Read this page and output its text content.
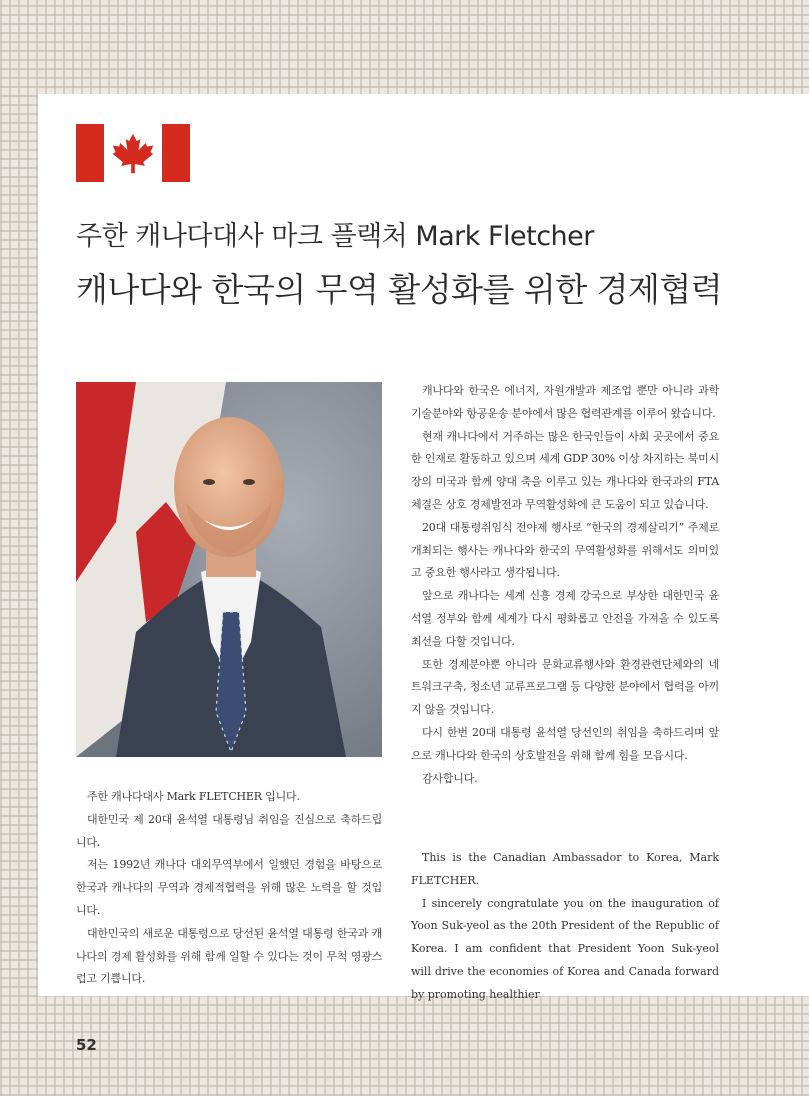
주한 캐나다대사 마크 플랙처 Mark Fletcher
캐나다와 한국의 무역 활성화를 위한 경제협력

주한 캐나다대사 Mark FLETCHER 입니다.

대한민국 제 20대 윤석열 대통령님 취임을 진심으로 축하드립니다.

저는 1992년 캐나다 대외무역부에서 일했던 경험을 바탕으로 한국과 캐나다의 무역과 경제적협력을 위해 많은 노력을 할 것입니다.

대한민국의 새로운 대통령으로 당선된 윤석열 대통령 한국과 캐나다의 경제 활성화를 위해 함께 일할 수 있다는 것이 무척 영광스럽고 기쁩니다.

캐나다와 한국은 에너지, 자원개발과 제조업 뿐만 아니라 과학기술분야와 항공운송 분야에서 많은 협력관계를 이루어 왔습니다.

현재 캐나다에서 거주하는 많은 한국인들이 사회 곳곳에서 중요한 인재로 활동하고 있으며 세계 GDP 30% 이상 차지하는 북미시장의 미국과 함께 양대 축을 이루고 있는 캐나다와 한국과의 FTA 체결은 상호 경제발전과 무역활성화에 큰 도움이 되고 있습니다.

20대 대통령취임식 전야제 행사로 “한국의 경제살리기” 주제로 개최되는 행사는 캐나다와 한국의 무역활성화를 위해서도 의미있고 중요한 행사라고 생각됩니다.

앞으로 캐나다는 세계 신흥 경제 강국으로 부상한 대한민국 윤석열 정부와 함께 세계가 다시 평화롭고 안전을 가져올 수 있도록 최선을 다할 것입니다.

또한 경제분야뿐 아니라 문화교류행사와 환경관련단체와의 네트워크구축, 청소년 교류프로그램 등 다양한 분야에서 협력을 아끼지 않을 것입니다.

다시 한번 20대 대통령 윤석열 당선인의 취임을 축하드리며 앞으로 캐나다와 한국의 상호발전을 위해 함께 힘을 모읍시다.

감사합니다.

This is the Canadian Ambassador to Korea, Mark FLETCHER.

I sincerely congratulate you on the inauguration of Yoon Suk-yeol as the 20th President of the Republic of Korea. I am confident that President Yoon Suk-yeol will drive the economies of Korea and Canada forward by promoting healthier

52
